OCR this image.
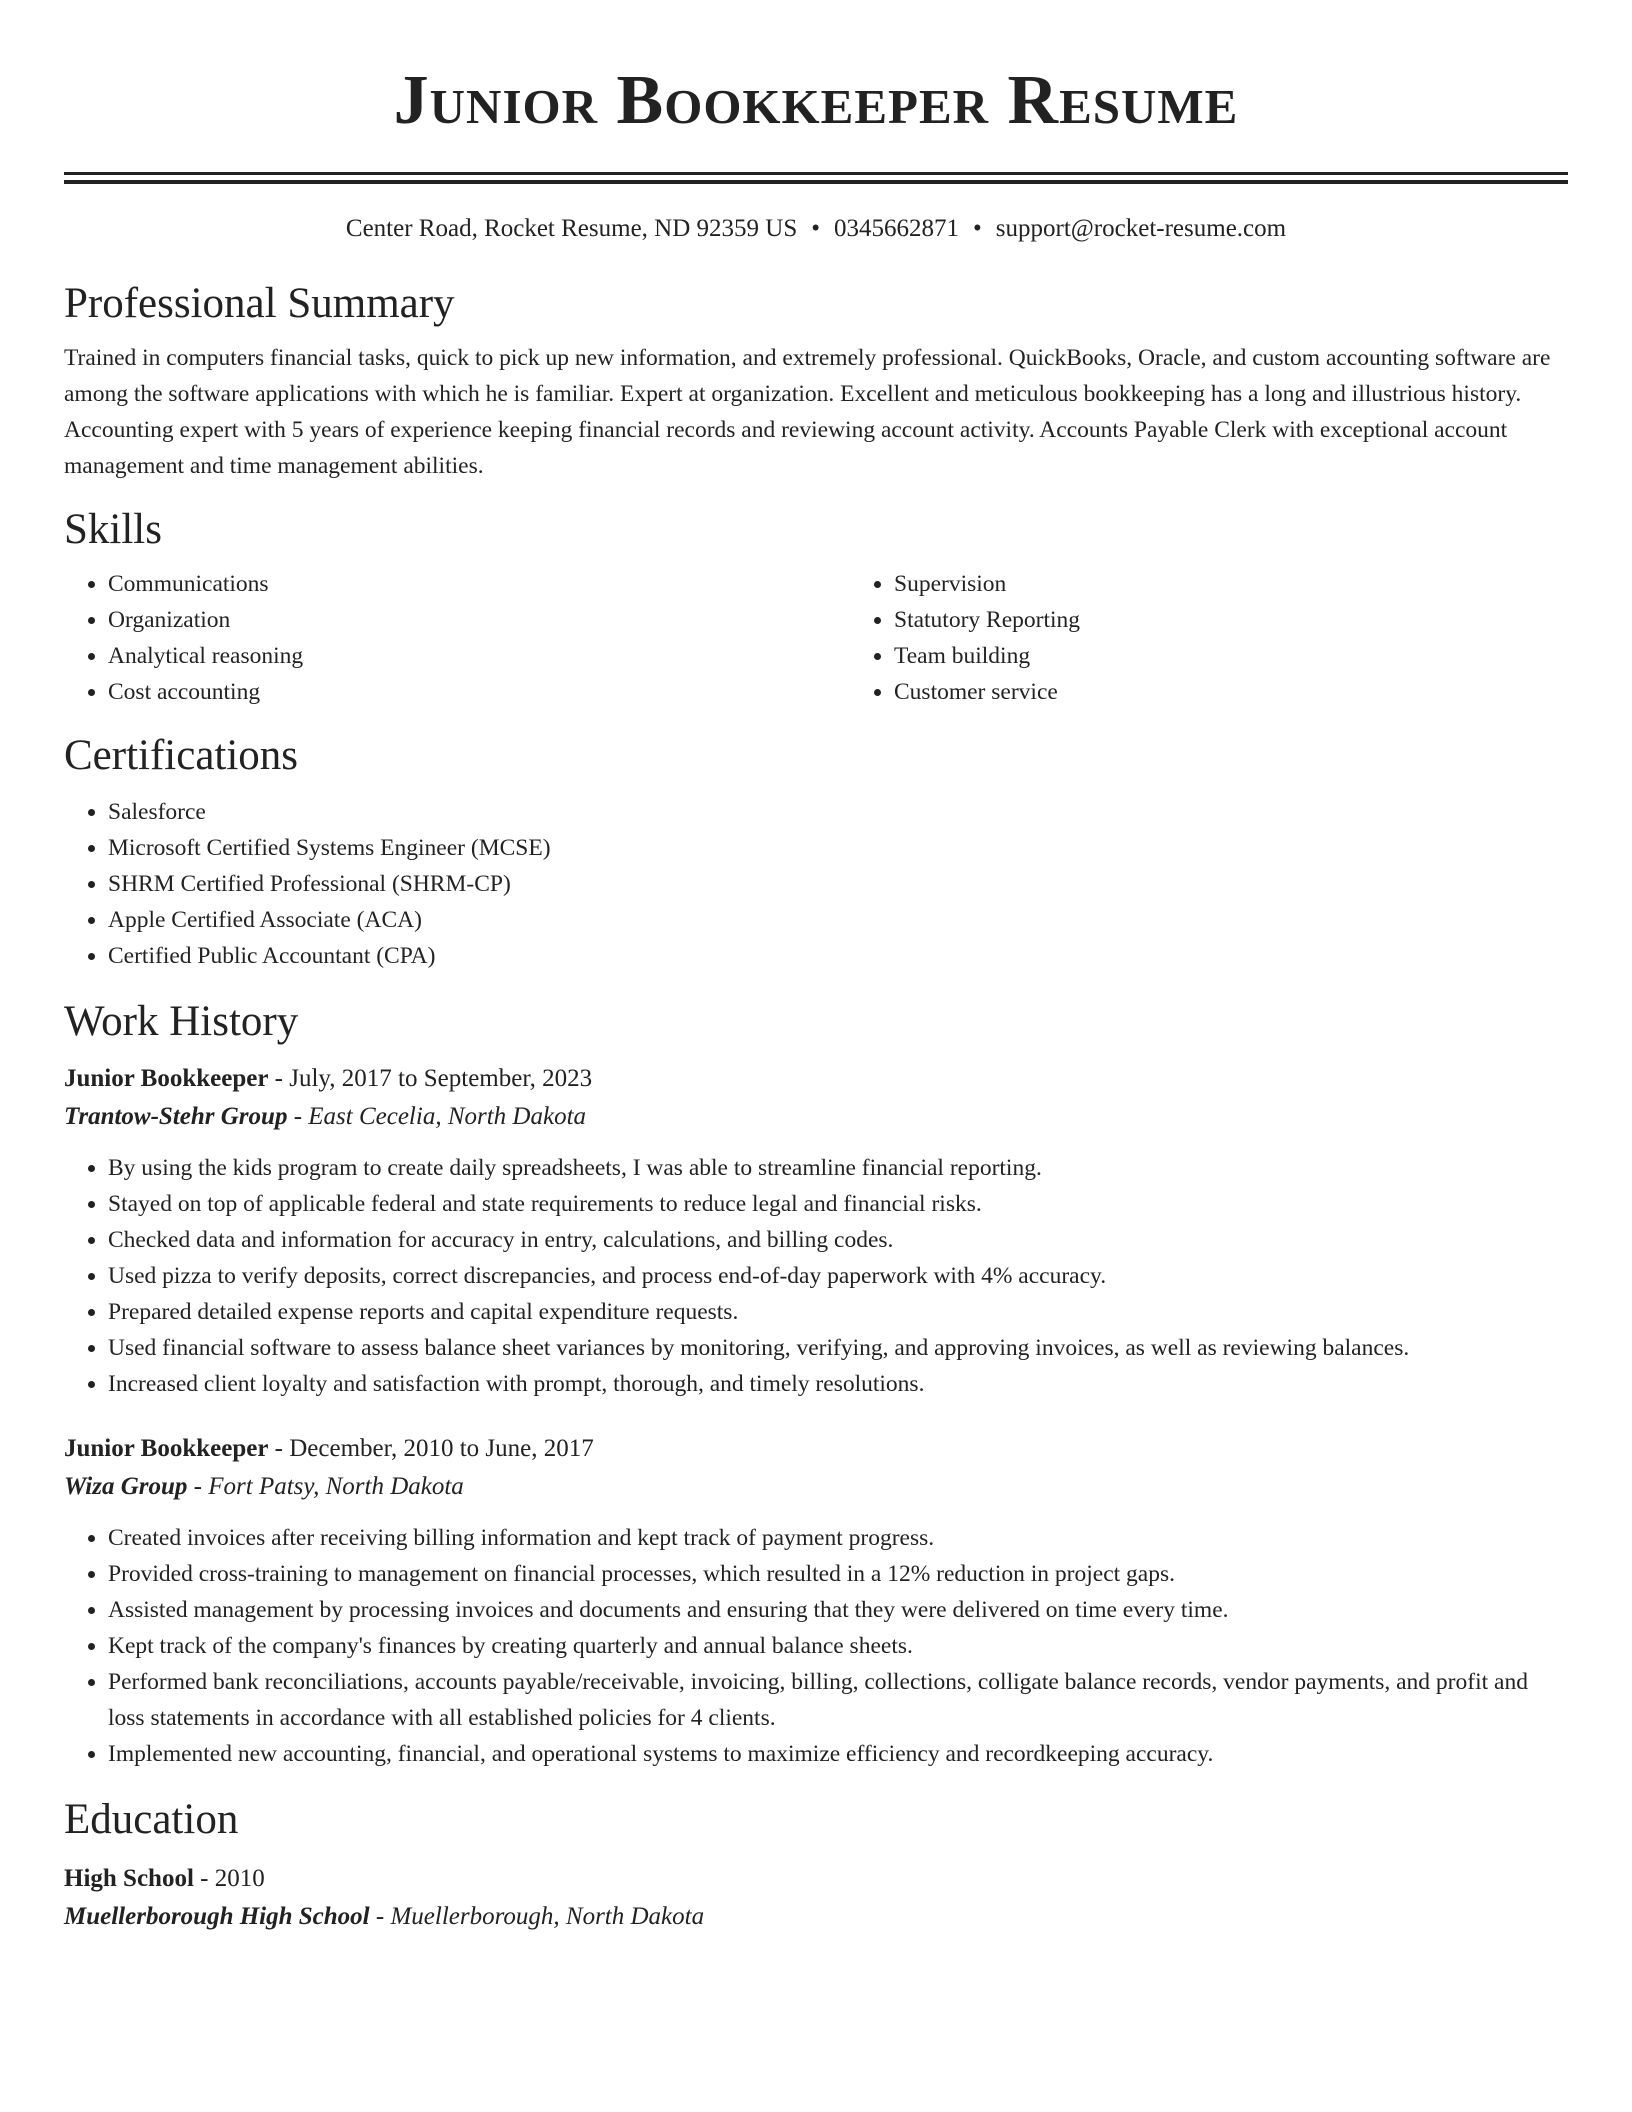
Junior Bookkeeper Resume
Center Road, Rocket Resume, ND 92359 US • 0345662871 • support@rocket-resume.com
Professional Summary

Trained in computers financial tasks, quick to pick up new information, and extremely professional. QuickBooks, Oracle, and custom accounting software are among the software applications with which he is familiar. Expert at organization. Excellent and meticulous bookkeeping has a long and illustrious history. Accounting expert with 5 years of experience keeping financial records and reviewing account activity. Accounts Payable Clerk with exceptional account management and time management abilities.

Skills
• Communications
• Organization
• Analytical reasoning
• Cost accounting
• Supervision
• Statutory Reporting
• Team building
• Customer service
Certifications
• Salesforce
• Microsoft Certified Systems Engineer (MCSE)
• SHRM Certified Professional (SHRM-CP)
• Apple Certified Associate (ACA)
• Certified Public Accountant (CPA)
Work History

Junior Bookkeeper - July, 2017 to September, 2023

Trantow-Stehr Group - East Cecelia, North Dakota

• By using the kids program to create daily spreadsheets, I was able to streamline financial reporting.
• Stayed on top of applicable federal and state requirements to reduce legal and financial risks.
• Checked data and information for accuracy in entry, calculations, and billing codes.
• Used pizza to verify deposits, correct discrepancies, and process end-of-day paperwork with 4% accuracy.
• Prepared detailed expense reports and capital expenditure requests.
• Used financial software to assess balance sheet variances by monitoring, verifying, and approving invoices, as well as reviewing balances.
• Increased client loyalty and satisfaction with prompt, thorough, and timely resolutions.

Junior Bookkeeper - December, 2010 to June, 2017

Wiza Group - Fort Patsy, North Dakota

• Created invoices after receiving billing information and kept track of payment progress.
• Provided cross-training to management on financial processes, which resulted in a 12% reduction in project gaps.
• Assisted management by processing invoices and documents and ensuring that they were delivered on time every time.
• Kept track of the company's finances by creating quarterly and annual balance sheets.
• Performed bank reconciliations, accounts payable/receivable, invoicing, billing, collections, colligate balance records, vendor payments, and profit and loss statements in accordance with all established policies for 4 clients.
• Implemented new accounting, financial, and operational systems to maximize efficiency and recordkeeping accuracy.
Education

High School - 2010

Muellerborough High School - Muellerborough, North Dakota
